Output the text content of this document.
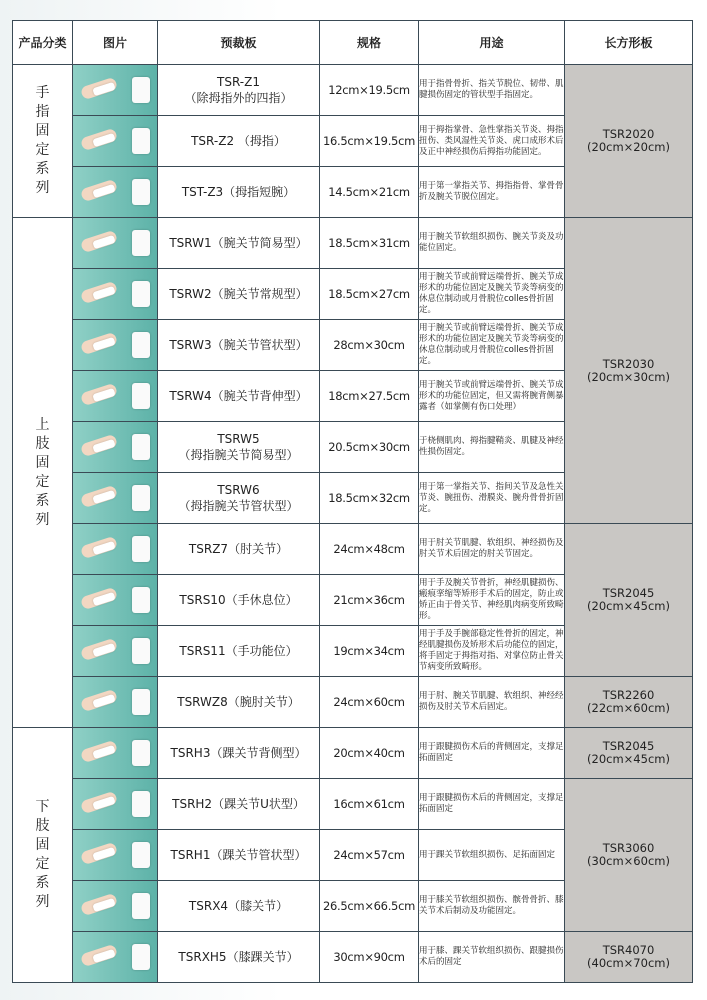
产品分类	图片	预裁板	规格	用途	长方形板
手指固定系列		TSR-Z1
（除拇指外的四指）	12cm×19.5cm	用于指骨骨折、指关节脱位、韧带、肌腱损伤固定的管状型手指固定。	TSR2020
(20cm×20cm)

		TSR-Z2 （拇指）	16.5cm×19.5cm	用于拇指掌骨、急性掌指关节炎、拇指扭伤、类风湿性关节炎、虎口成形术后及正中神经损伤后拇指功能固定。	

		TST-Z3（拇指短腕）	14.5cm×21cm	用于第一掌指关节、拇指指骨、掌骨骨折及腕关节脱位固定。	
上肢固定系列		TSRW1（腕关节简易型）	18.5cm×31cm	用于腕关节软组织损伤、腕关节炎及功能位固定。	TSR2030
(20cm×30cm)

		TSRW2（腕关节常规型）	18.5cm×27cm	用于腕关节或前臂远端骨折、腕关节成形术的功能位固定及腕关节炎等病变的休息位制动或月骨脱位colles骨折固定。	

		TSRW3（腕关节管状型）	28cm×30cm	用于腕关节或前臂远端骨折、腕关节成形术的功能位固定及腕关节炎等病变的休息位制动或月骨脱位colles骨折固定。	

		TSRW4（腕关节背伸型）	18cm×27.5cm	用于腕关节或前臂远端骨折、腕关节成形术的功能位固定，但又需将腕背侧暴露者（如掌侧有伤口处理）	

		TSRW5
（拇指腕关节简易型）	20.5cm×30cm	于桡侧肌肉、拇指腱鞘炎、肌腱及神经性损伤固定。	

		TSRW6
（拇指腕关节管状型）	18.5cm×32cm	用于第一掌指关节、指间关节及急性关节炎、腕扭伤、滑膜炎、腕舟骨骨折固定。	

		TSRZ7（肘关节）	24cm×48cm	用于肘关节肌腱、软组织、神经损伤及肘关节术后固定的肘关节固定。	TSR2045
(20cm×45cm)

		TSRS10（手休息位）	21cm×36cm	用于手及腕关节骨折，神经肌腱损伤、瘢痕挛缩等矫形手术后的固定，防止或矫正由于骨关节、神经肌肉病变所致畸形。	

		TSRS11（手功能位）	19cm×34cm	用于手及手腕部稳定性骨折的固定，神经肌腱损伤及矫形术后功能位的固定，将手固定于拇指对指、对掌位防止骨关节病变所致畸形。	

		TSRWZ8（腕肘关节）	24cm×60cm	用于肘、腕关节肌腱、软组织、神经经损伤及肘关节术后固定。	TSR2260
(22cm×60cm)

下肢固定系列		TSRH3（踝关节背侧型）	20cm×40cm	用于跟腱损伤术后的背侧固定，支撑足拓面固定	TSR2045
(20cm×45cm)

		TSRH2（踝关节U状型）	16cm×61cm	用于跟腱损伤术后的背侧固定，支撑足拓面固定	TSR3060
(30cm×60cm)

		TSRH1（踝关节管状型）	24cm×57cm	用于踝关节软组织损伤、足拓面固定	

		TSRX4（膝关节）	26.5cm×66.5cm	用于膝关节软组织损伤、髌骨骨折、膝关节术后制动及功能固定。	

		TSRXH5（膝踝关节）	30cm×90cm	用于膝、踝关节软组织损伤、跟腱损伤术后的固定	TSR4070
(40cm×70cm)
